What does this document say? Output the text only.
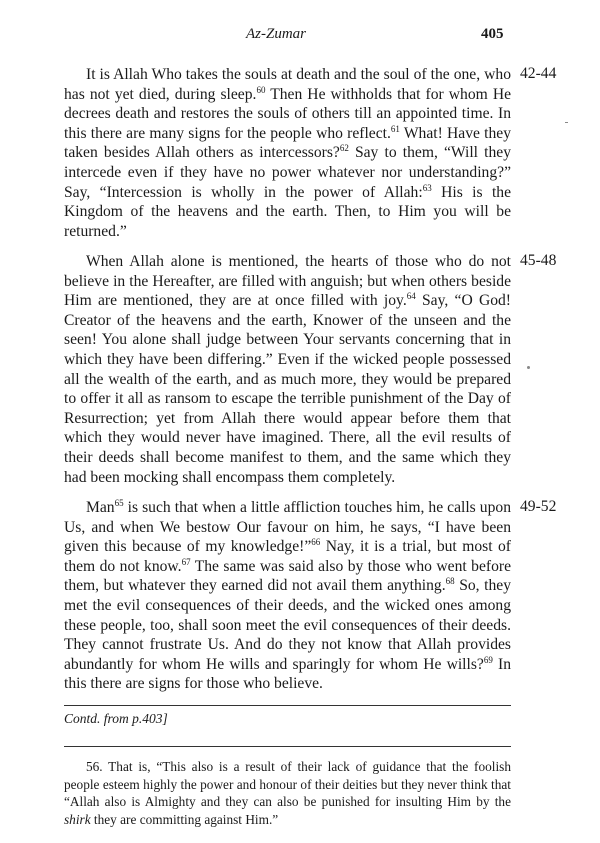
Az-Zumar	405

It is Allah Who takes the souls at death and the soul of the one, who has not yet died, during sleep.$^{60}$ Then He withholds that for whom He decrees death and restores the souls of others till an appointed time. In this there are many signs for the people who reflect.$^{61}$ What! Have they taken besides Allah others as intercessors?$^{62}$ Say to them, “Will they intercede even if they have no power whatever nor understanding?” Say, “Intercession is wholly in the power of Allah:$^{63}$ His is the Kingdom of the heavens and the earth. Then, to Him you will be returned.”

42-44

When Allah alone is mentioned, the hearts of those who do not believe in the Hereafter, are filled with anguish; but when others beside Him are mentioned, they are at once filled with joy.$^{64}$ Say, “O God! Creator of the heavens and the earth, Knower of the unseen and the seen! You alone shall judge between Your servants concerning that in which they have been differing.” Even if the wicked people possessed all the wealth of the earth, and as much more, they would be prepared to offer it all as ransom to escape the terrible punishment of the Day of Resurrection; yet from Allah there would appear before them that which they would never have imagined. There, all the evil results of their deeds shall become manifest to them, and the same which they had been mocking shall encompass them completely.

45-48

Man$^{65}$ is such that when a little affliction touches him, he calls upon Us, and when We bestow Our favour on him, he says, “I have been given this because of my knowledge!”$^{66}$ Nay, it is a trial, but most of them do not know.$^{67}$ The same was said also by those who went before them, but whatever they earned did not avail them anything.$^{68}$ So, they met the evil consequences of their deeds, and the wicked ones among these people, too, shall soon meet the evil consequences of their deeds. They cannot frustrate Us. And do they not know that Allah provides abundantly for whom He wills and sparingly for whom He wills?$^{69}$ In this there are signs for those who believe.

49-52
Contd. from p.403]

56. That is, “This also is a result of their lack of guidance that the foolish people esteem highly the power and honour of their deities but they never think that “Allah also is Almighty and they can also be punished for insulting Him by the shirk they are committing against Him.”
